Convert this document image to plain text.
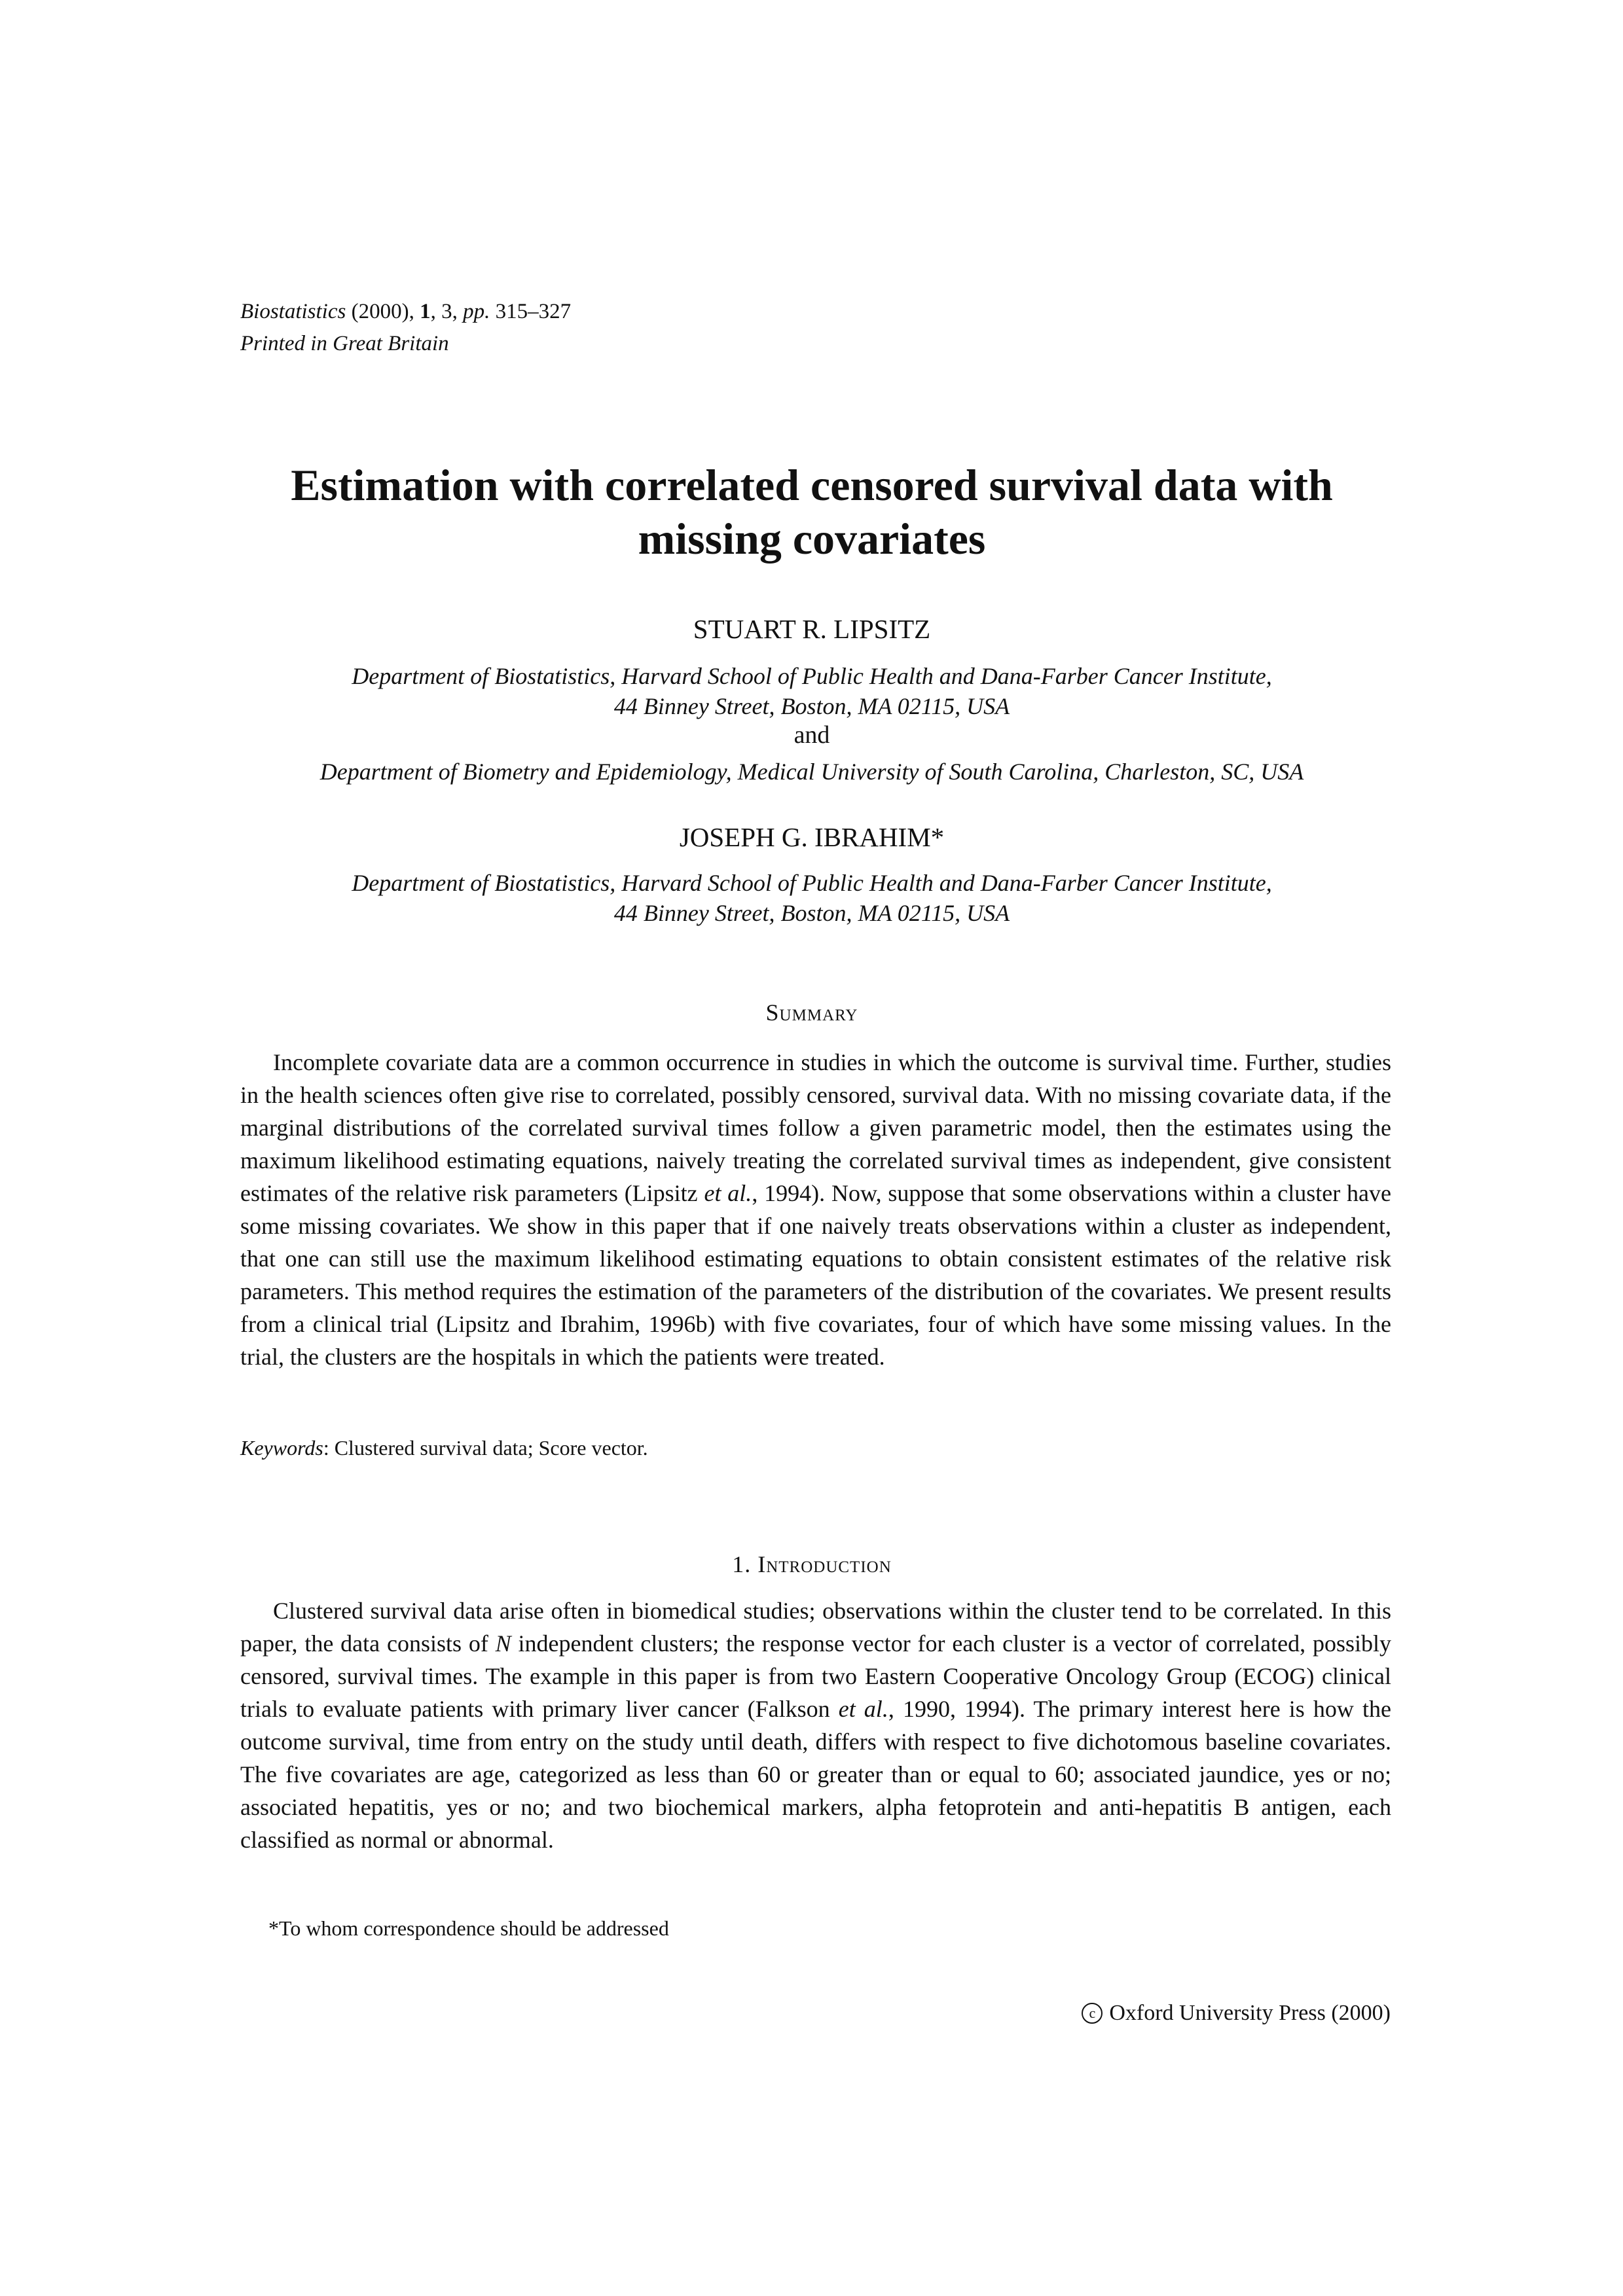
Biostatistics (2000), 1, 3, pp. 315–327
Printed in Great Britain
Estimation with correlated censored survival data with
missing covariates
STUART R. LIPSITZ
Department of Biostatistics, Harvard School of Public Health and Dana-Farber Cancer Institute,
44 Binney Street, Boston, MA 02115, USA
and
Department of Biometry and Epidemiology, Medical University of South Carolina, Charleston, SC, USA
JOSEPH G. IBRAHIM*
Department of Biostatistics, Harvard School of Public Health and Dana-Farber Cancer Institute,
44 Binney Street, Boston, MA 02115, USA
Summary
Incomplete covariate data are a common occurrence in studies in which the outcome is survival time. Further, studies in the health sciences often give rise to correlated, possibly censored, survival data. With no missing covariate data, if the marginal distributions of the correlated survival times follow a given parametric model, then the estimates using the maximum likelihood estimating equations, naively treating the correlated survival times as independent, give consistent estimates of the relative risk parameters (Lipsitz et al., 1994). Now, suppose that some observations within a cluster have some missing covariates. We show in this paper that if one naively treats observations within a cluster as independent, that one can still use the maximum likelihood estimating equations to obtain consistent estimates of the relative risk parameters. This method requires the estimation of the parameters of the distribution of the covariates. We present results from a clinical trial (Lipsitz and Ibrahim, 1996b) with five covariates, four of which have some missing values. In the trial, the clusters are the hospitals in which the patients were treated.
Keywords: Clustered survival data; Score vector.
1. Introduction
Clustered survival data arise often in biomedical studies; observations within the cluster tend to be correlated. In this paper, the data consists of N independent clusters; the response vector for each cluster is a vector of correlated, possibly censored, survival times. The example in this paper is from two Eastern Cooperative Oncology Group (ECOG) clinical trials to evaluate patients with primary liver cancer (Falkson et al., 1990, 1994). The primary interest here is how the outcome survival, time from entry on the study until death, differs with respect to five dichotomous baseline covariates. The five covariates are age, categorized as less than 60 or greater than or equal to 60; associated jaundice, yes or no; associated hepatitis, yes or no; and two biochemical markers, alpha fetoprotein and anti-hepatitis B antigen, each classified as normal or abnormal.
*To whom correspondence should be addressed
c Oxford University Press (2000)
